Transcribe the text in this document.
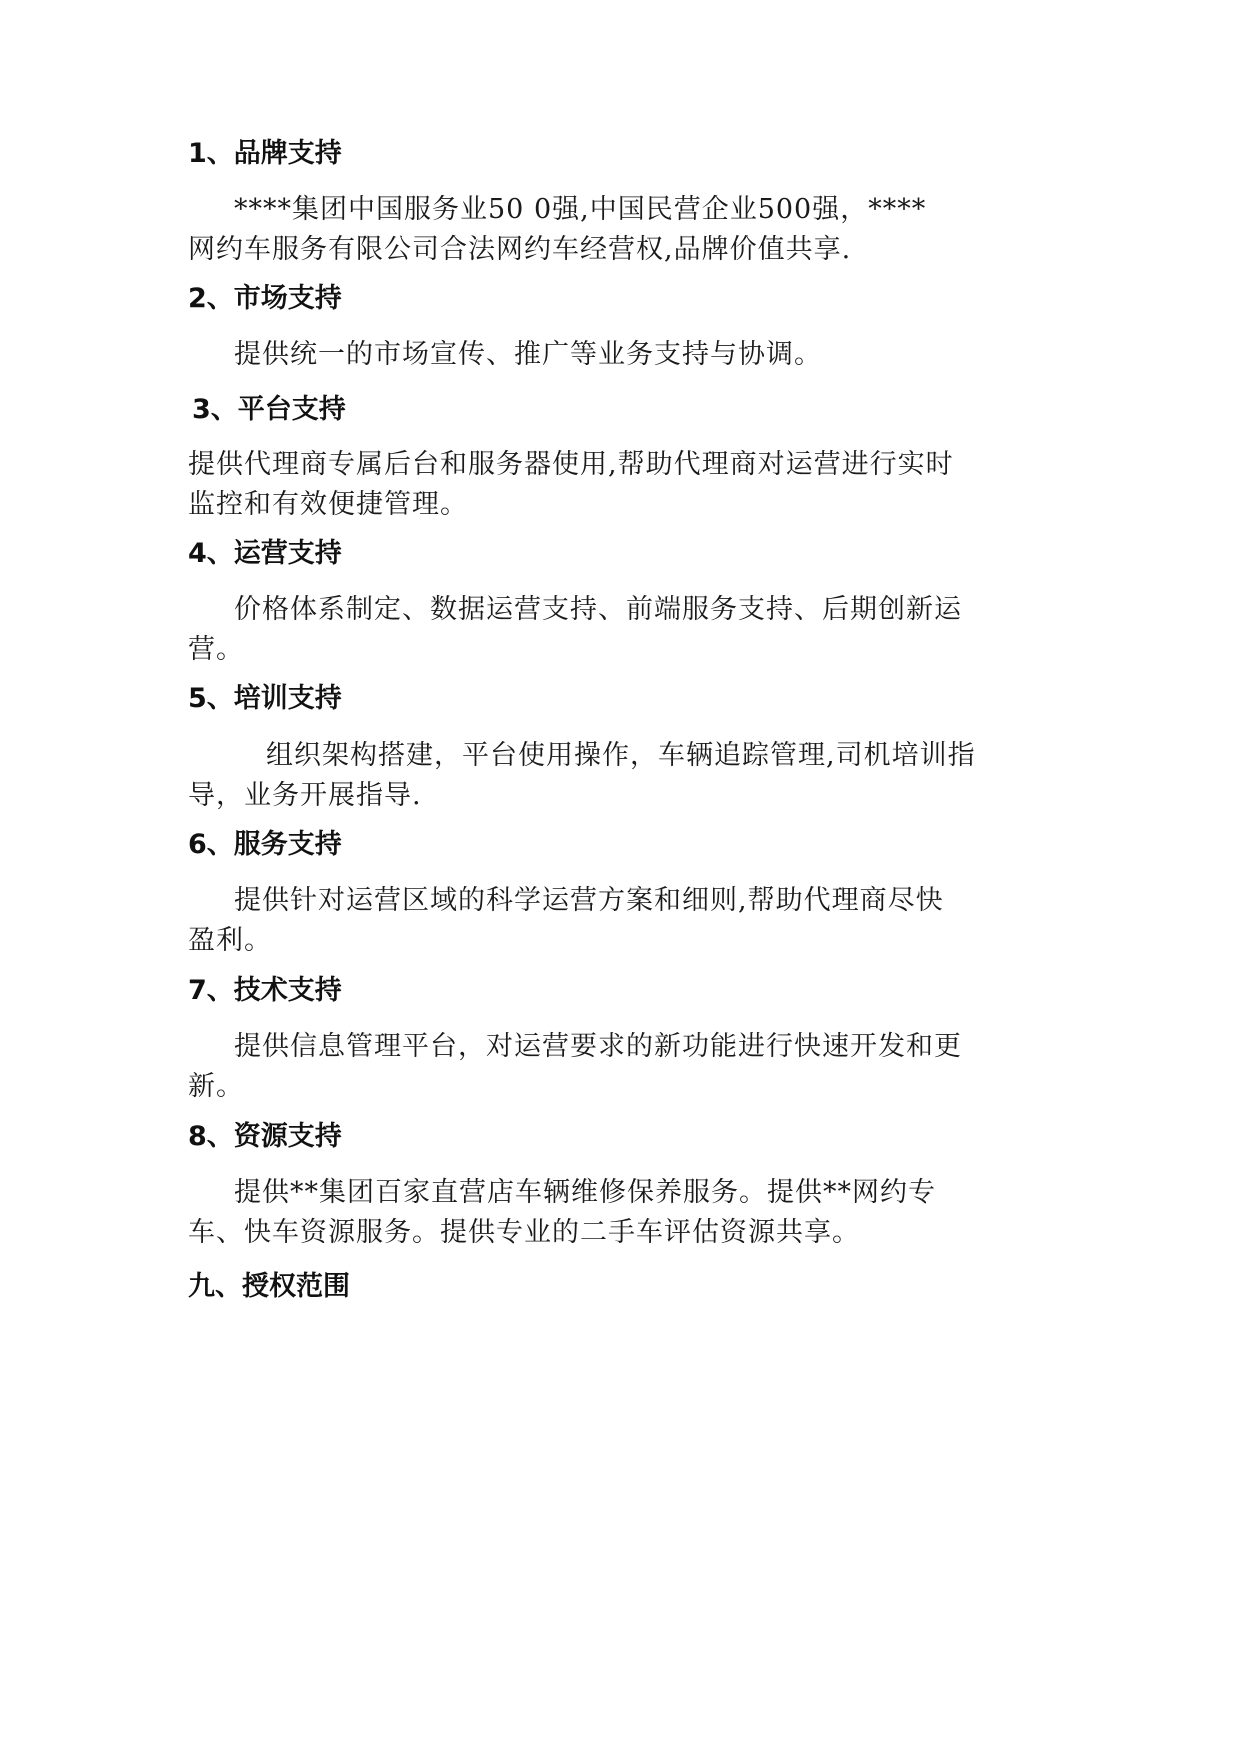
1、品牌支持
****集团中国服务业50 0强,中国民营企业500强，****
网约车服务有限公司合法网约车经营权,品牌价值共享.
2、市场支持
提供统一的市场宣传、推广等业务支持与协调。
3、平台支持
提供代理商专属后台和服务器使用,帮助代理商对运营进行实时
监控和有效便捷管理。
4、运营支持
价格体系制定、数据运营支持、前端服务支持、后期创新运
营。
5、培训支持
组织架构搭建，平台使用操作，车辆追踪管理,司机培训指
导，业务开展指导.
6、服务支持
提供针对运营区域的科学运营方案和细则,帮助代理商尽快
盈利。
7、技术支持
提供信息管理平台，对运营要求的新功能进行快速开发和更
新。
8、资源支持
提供**集团百家直营店车辆维修保养服务。提供**网约专
车、快车资源服务。提供专业的二手车评估资源共享。
九、授权范围
